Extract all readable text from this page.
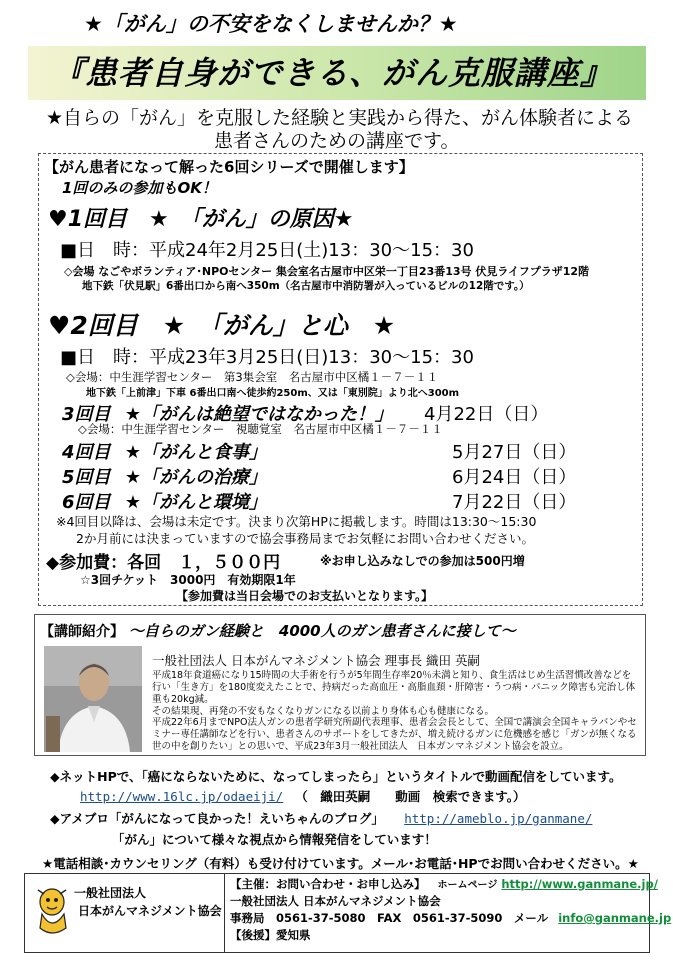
★「がん」の不安をなくしませんか？★
『患者自身ができる、がん克服講座』
★自らの「がん」を克服した経験と実践から得た、がん体験者による
患者さんのための講座です。
【がん患者になって解った6回シリーズで開催します】
1回のみの参加もOK！
♥1回目　★　「がん」の原因★
■日　時：平成24年2月25日(土)13：30～15：30
◇会場 なごやボランティア･NPOセンター 集会室名古屋市中区栄一丁目23番13号 伏見ライフプラザ12階
地下鉄「伏見駅」6番出口から南へ350m（名古屋市中消防署が入っているビルの12階です。）
♥2回目　★　「がん」と心　★
■日　時：平成23年3月25日(日)13：30～15：30
◇会場：中生涯学習センター　第3集会室　名古屋市中区橘１－７－１１
地下鉄「上前津」下車 6番出口南へ徒歩約250m、又は「東別院」より北へ300m
3回目 ★「がんは絶望ではなかった！」 4月22日（日）
◇会場：中生涯学習センター　視聴覚室　名古屋市中区橘１－７－１１
4回目 ★「がんと食事」	5月27日（日）
5回目 ★「がんの治療」	6月24日（日）
6回目 ★「がんと環境」	7月22日（日）
※4回目以降は、会場は未定です。決まり次第HPに掲載します。時間は13:30～15:30
2か月前には決まっていますので協会事務局までお気軽にお問い合わせください。
◆参加費：各回　１，５００円	※お申し込みなしでの参加は500円増
☆3回チケット　3000円　有効期限1年
【参加費は当日会場でのお支払いとなります。】
【講師紹介】 ～自らのガン経験と　4000人のガン患者さんに接して～
一般社団法人 日本がんマネジメント協会 理事長 織田 英嗣
平成18年食道癌になり15時間の大手術を行うが5年間生存率20％未満と知り、食生活はじめ生活習慣改善などを行い「生き方」を180度変えたことで、持病だった高血圧・高脂血頚・肝障害・うつ病・パニック障害も完治し体重も20kg減。
その結果現、再発の不安もなくなりガンになる以前より身体も心も健康になる。
平成22年6月までNPO法人ガンの患者学研究所副代表理事、患者会会長として、全国で講演会全国キャラバンやセミナー専任講師などを行い、患者さんのサポートをしてきたが、増え続けるガンに危機感を感じ「ガンが無くなる世の中を創りたい」との思いで、平成23年3月一般社団法人　日本ガンマネジメント協会を設立。
◆ネットHPで、「癌にならないために、なってしまったら」というタイトルで動画配信をしています。
http://www.16lc.jp/odaeiji/ （　織田英嗣　　動画　検索できます。）
◆アメブロ「がんになって良かった！えいちゃんのブログ」 http://ameblo.jp/ganmane/
「がん」について様々な視点から情報発信をしています！
★電話相談･カウンセリング（有料）も受け付けています。メール･お電話･HPでお問い合わせください。★
一般社団法人
日本がんマネジメント協会
【主催：お問い合わせ・お申し込み】 ホームページ http://www.ganmane.jp/
一般社団法人 日本がんマネジメント協会
事務局　0561-37-5080　FAX　0561-37-5090　メール info@ganmane.jp
【後援】愛知県
